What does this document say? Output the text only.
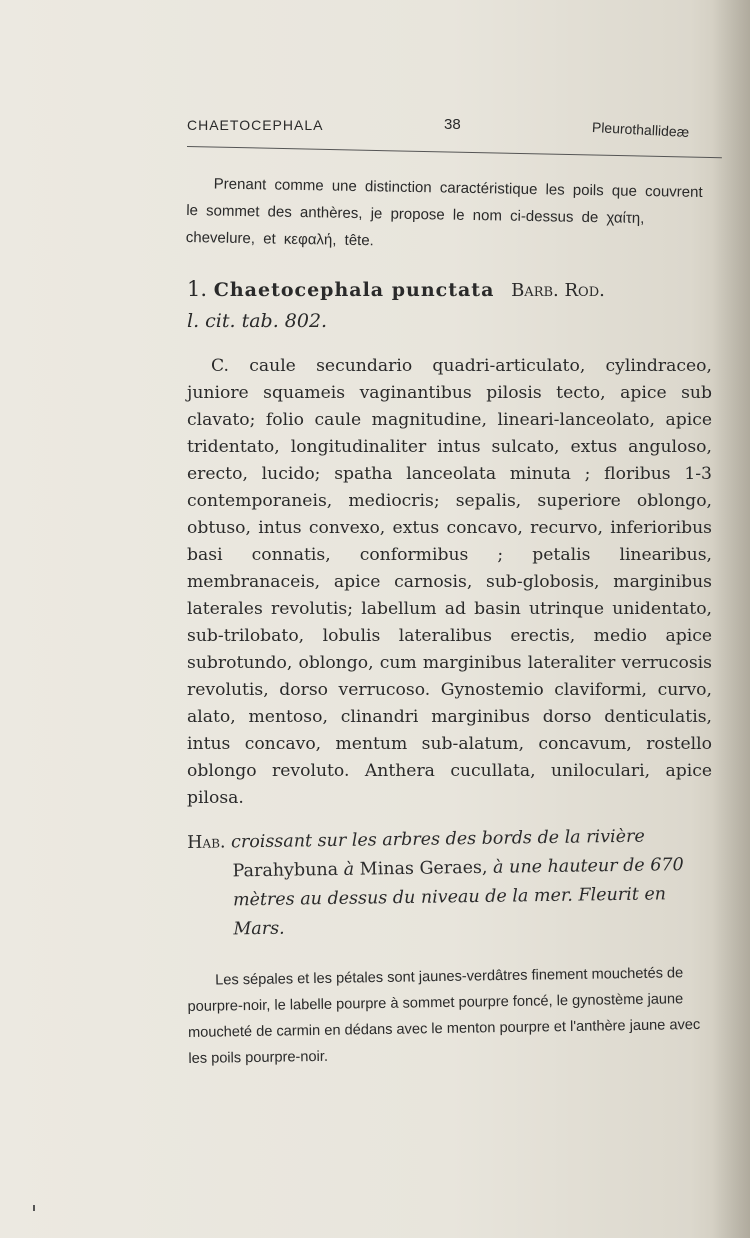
CHAETOCEPHALA	38	Pleurothallideæ

Prenant comme une distinction caractéristique les poils que couvrent le sommet des anthères, je propose le nom ci-dessus de χαίτη, chevelure, et κεφαλή, tête.

1. Chaetocephala punctata Barb. Rod.
l. cit. tab. 802.

C. caule secundario quadri-articulato, cylindraceo, juniore squameis vaginantibus pilosis tecto, apice sub clavato; folio caule magnitudine, lineari-lanceolato, apice tridentato, longitudinaliter intus sulcato, extus anguloso, erecto, lucido; spatha lanceolata minuta ; floribus 1-3 contemporaneis, mediocris; sepalis, superiore oblongo, obtuso, intus convexo, extus concavo, recurvo, inferioribus basi connatis, conformibus ; petalis linearibus, membranaceis, apice carnosis, sub-globosis, marginibus laterales revolutis; labellum ad basin utrinque unidentato, sub-trilobato, lobulis lateralibus erectis, medio apice subrotundo, oblongo, cum marginibus lateraliter verrucosis revolutis, dorso verrucoso. Gynostemio claviformi, curvo, alato, mentoso, clinandri marginibus dorso denticulatis, intus concavo, mentum sub-alatum, concavum, rostello oblongo revoluto. Anthera cucullata, uniloculari, apice pilosa.

Hab. croissant sur les arbres des bords de la rivière Parahybuna à Minas Geraes, à une hauteur de 670 mètres au dessus du niveau de la mer. Fleurit en Mars.

Les sépales et les pétales sont jaunes-verdâtres finement mouchetés de pourpre-noir, le labelle pourpre à sommet pourpre foncé, le gynostème jaune moucheté de carmin en dédans avec le menton pourpre et l'anthère jaune avec les poils pourpre-noir.
